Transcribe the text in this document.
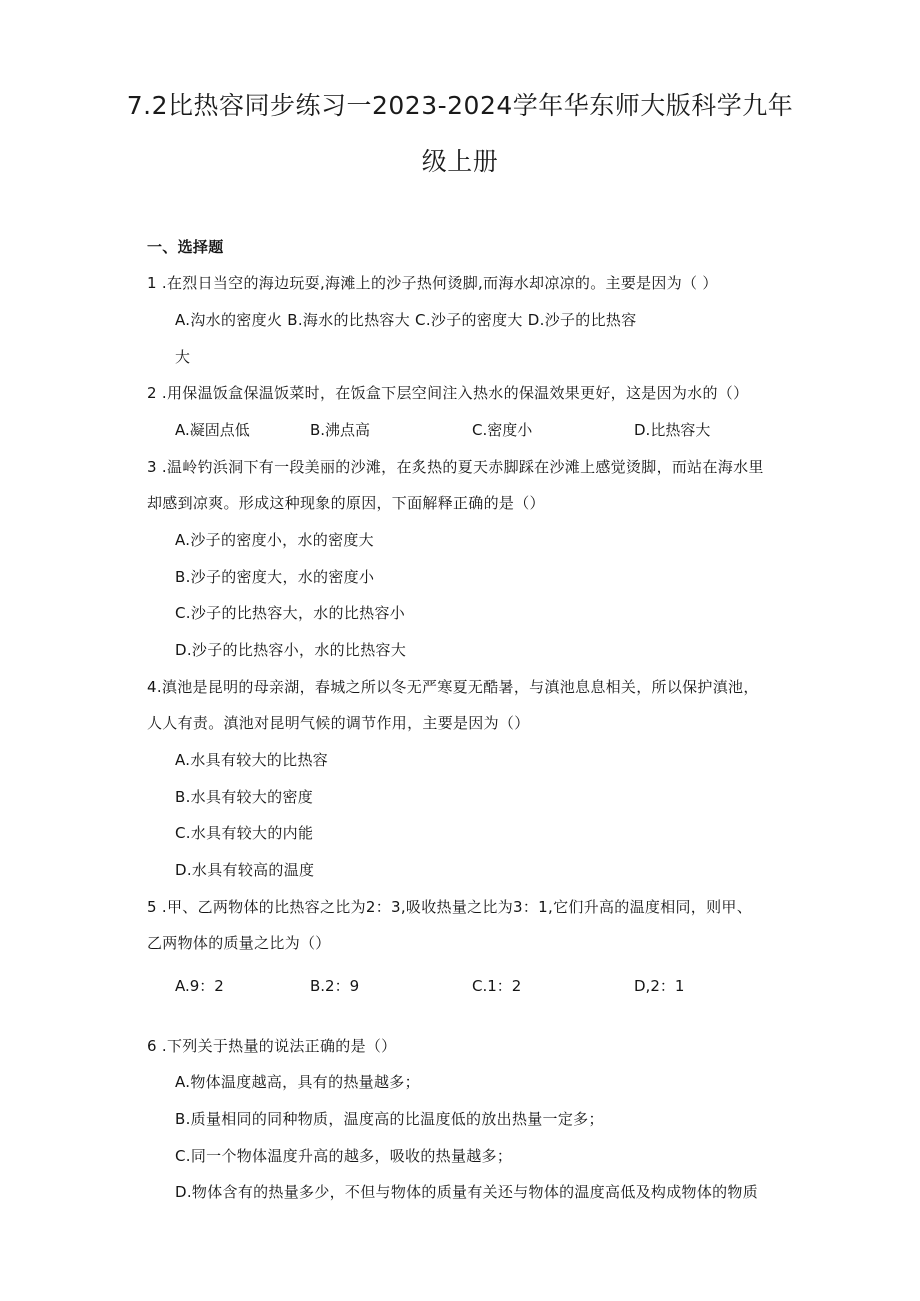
7.2比热容同步练习一2023-2024学年华东师大版科学九年
级上册
一、选择题
1 .在烈日当空的海边玩耍,海滩上的沙子热何烫脚,而海水却凉凉的。主要是因为（ ）
A.沟水的密度火 B.海水的比热容大 C.沙子的密度大 D.沙子的比热容
大
2 .用保温饭盒保温饭菜时，在饭盒下层空间注入热水的保温效果更好，这是因为水的（）
A.凝固点低	B.沸点高	C.密度小	D.比热容大
3 .温岭钓浜洞下有一段美丽的沙滩，在炙热的夏天赤脚踩在沙滩上感觉烫脚，而站在海水里
却感到凉爽。形成这种现象的原因，下面解释正确的是（）
A.沙子的密度小，水的密度大
B.沙子的密度大，水的密度小
C.沙子的比热容大，水的比热容小
D.沙子的比热容小，水的比热容大
4.滇池是昆明的母亲湖，春城之所以冬无严寒夏无酷暑，与滇池息息相关，所以保护滇池，
人人有责。滇池对昆明气候的调节作用，主要是因为（）
A.水具有较大的比热容
B.水具有较大的密度
C.水具有较大的内能
D.水具有较高的温度
5 .甲、乙两物体的比热容之比为2：3,吸收热量之比为3：1,它们升高的温度相同，则甲、
乙两物体的质量之比为（）
A.9：2	B.2：9	C.1：2	D,2：1
6 .下列关于热量的说法正确的是（）
A.物体温度越高，具有的热量越多；
B.质量相同的同种物质，温度高的比温度低的放出热量一定多；
C.同一个物体温度升高的越多，吸收的热量越多；
D.物体含有的热量多少，不但与物体的质量有关还与物体的温度高低及构成物体的物质
